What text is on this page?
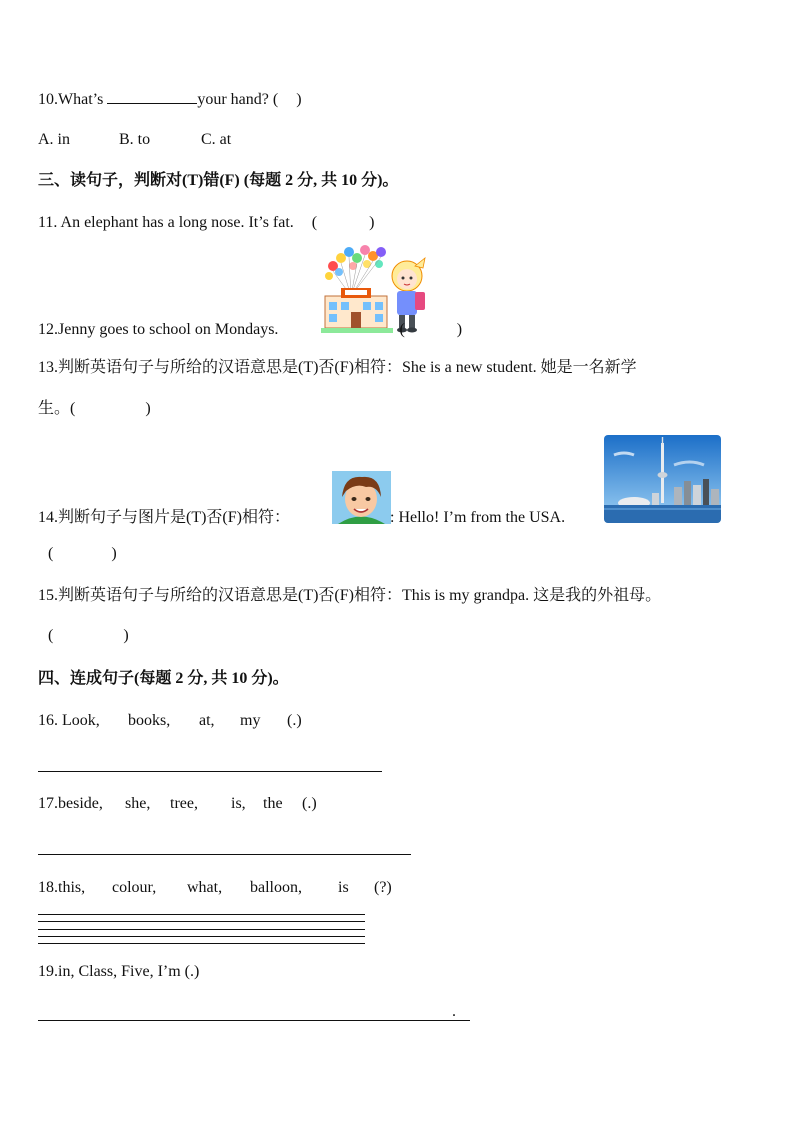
10.What’s	your hand? ( )
A. in	B. to	C. at
三、读句子，判断对(T)错(F) (每题 2 分, 共 10 分)。
11. An elephant has a long nose. It’s fat. (	)
12.Jenny goes to school on Mondays.	(	)
13.判断英语句子与所给的汉语意思是(T)否(F)相符：She is a new student. 她是一名新学
生。(	)
14.判断句子与图片是(T)否(F)相符：	: Hello! I’m from the USA.
(	)
15.判断英语句子与所给的汉语意思是(T)否(F)相符：This is my grandpa. 这是我的外祖母。
(	)
四、连成句子(每题 2 分, 共 10 分)。
16. Look, books, at, my (.)
17.beside, she, tree, is, the (.)
18.this, colour, what, balloon, is (?)
19.in, Class, Five, I’m (.)
.
